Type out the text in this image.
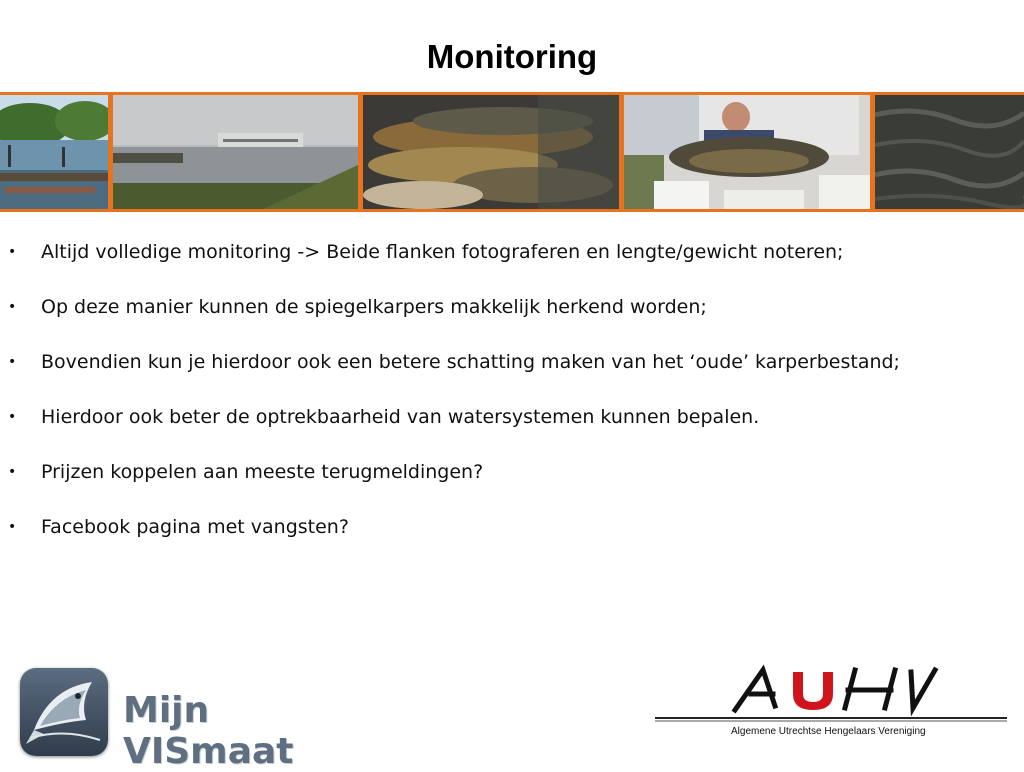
Monitoring
• Altijd volledige monitoring -> Beide flanken fotograferen en lengte/gewicht noteren;
• Op deze manier kunnen de spiegelkarpers makkelijk herkend worden;
• Bovendien kun je hierdoor ook een betere schatting maken van het ‘oude’ karperbestand;
• Hierdoor ook beter de optrekbaarheid van watersystemen kunnen bepalen.
• Prijzen koppelen aan meeste terugmeldingen?
• Facebook pagina met vangsten?
Mijn VISmaat	Algemene Utrechtse Hengelaars Vereniging
